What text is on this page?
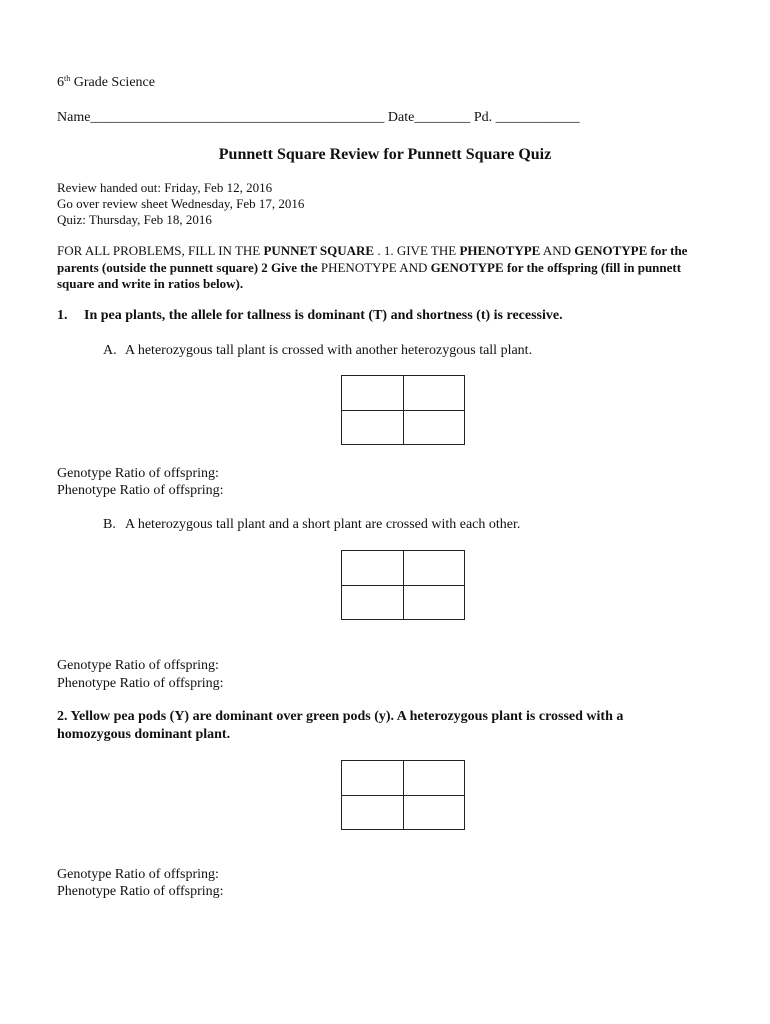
6th Grade Science
Name__________________________________________ Date________ Pd. ____________
Punnett Square Review for Punnett Square Quiz
Review handed out: Friday, Feb 12, 2016
Go over review sheet Wednesday, Feb 17, 2016
Quiz: Thursday, Feb 18, 2016
FOR ALL PROBLEMS, FILL IN THE PUNNET SQUARE . 1. GIVE THE PHENOTYPE AND GENOTYPE for the
parents (outside the punnett square) 2 Give the PHENOTYPE AND GENOTYPE for the offspring (fill in punnett
square and write in ratios below).
1. In pea plants, the allele for tallness is dominant (T) and shortness (t) is recessive.
A. A heterozygous tall plant is crossed with another heterozygous tall plant.
Genotype Ratio of offspring:
Phenotype Ratio of offspring:
B. A heterozygous tall plant and a short plant are crossed with each other.
Genotype Ratio of offspring:
Phenotype Ratio of offspring:
2. Yellow pea pods (Y) are dominant over green pods (y). A heterozygous plant is crossed with a
homozygous dominant plant.
Genotype Ratio of offspring:
Phenotype Ratio of offspring:
